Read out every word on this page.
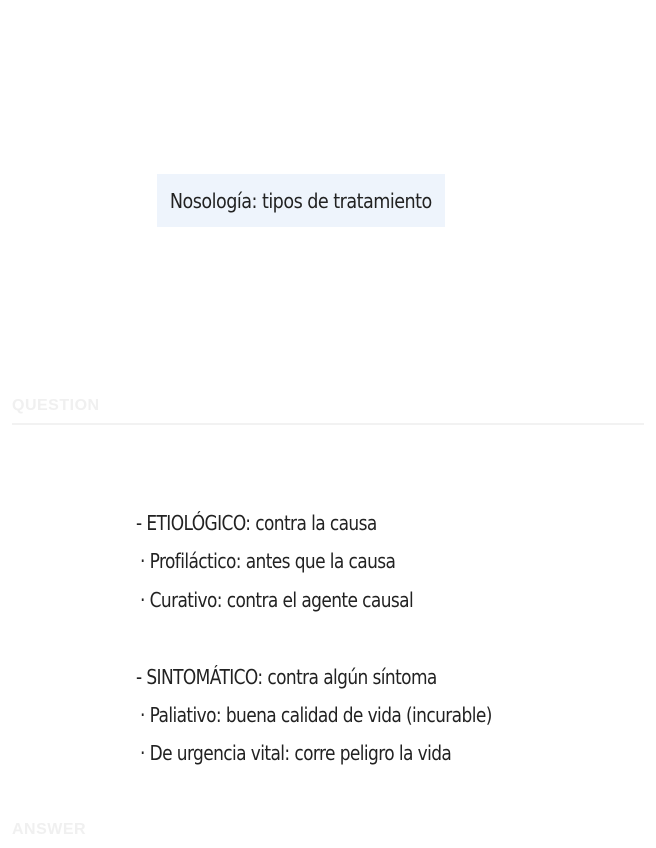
Nosología: tipos de tratamiento
QUESTION
- ETIOLÓGICO: contra la causa
· Profiláctico: antes que la causa
· Curativo: contra el agente causal
- SINTOMÁTICO: contra algún síntoma
· Paliativo: buena calidad de vida (incurable)
· De urgencia vital: corre peligro la vida
ANSWER
